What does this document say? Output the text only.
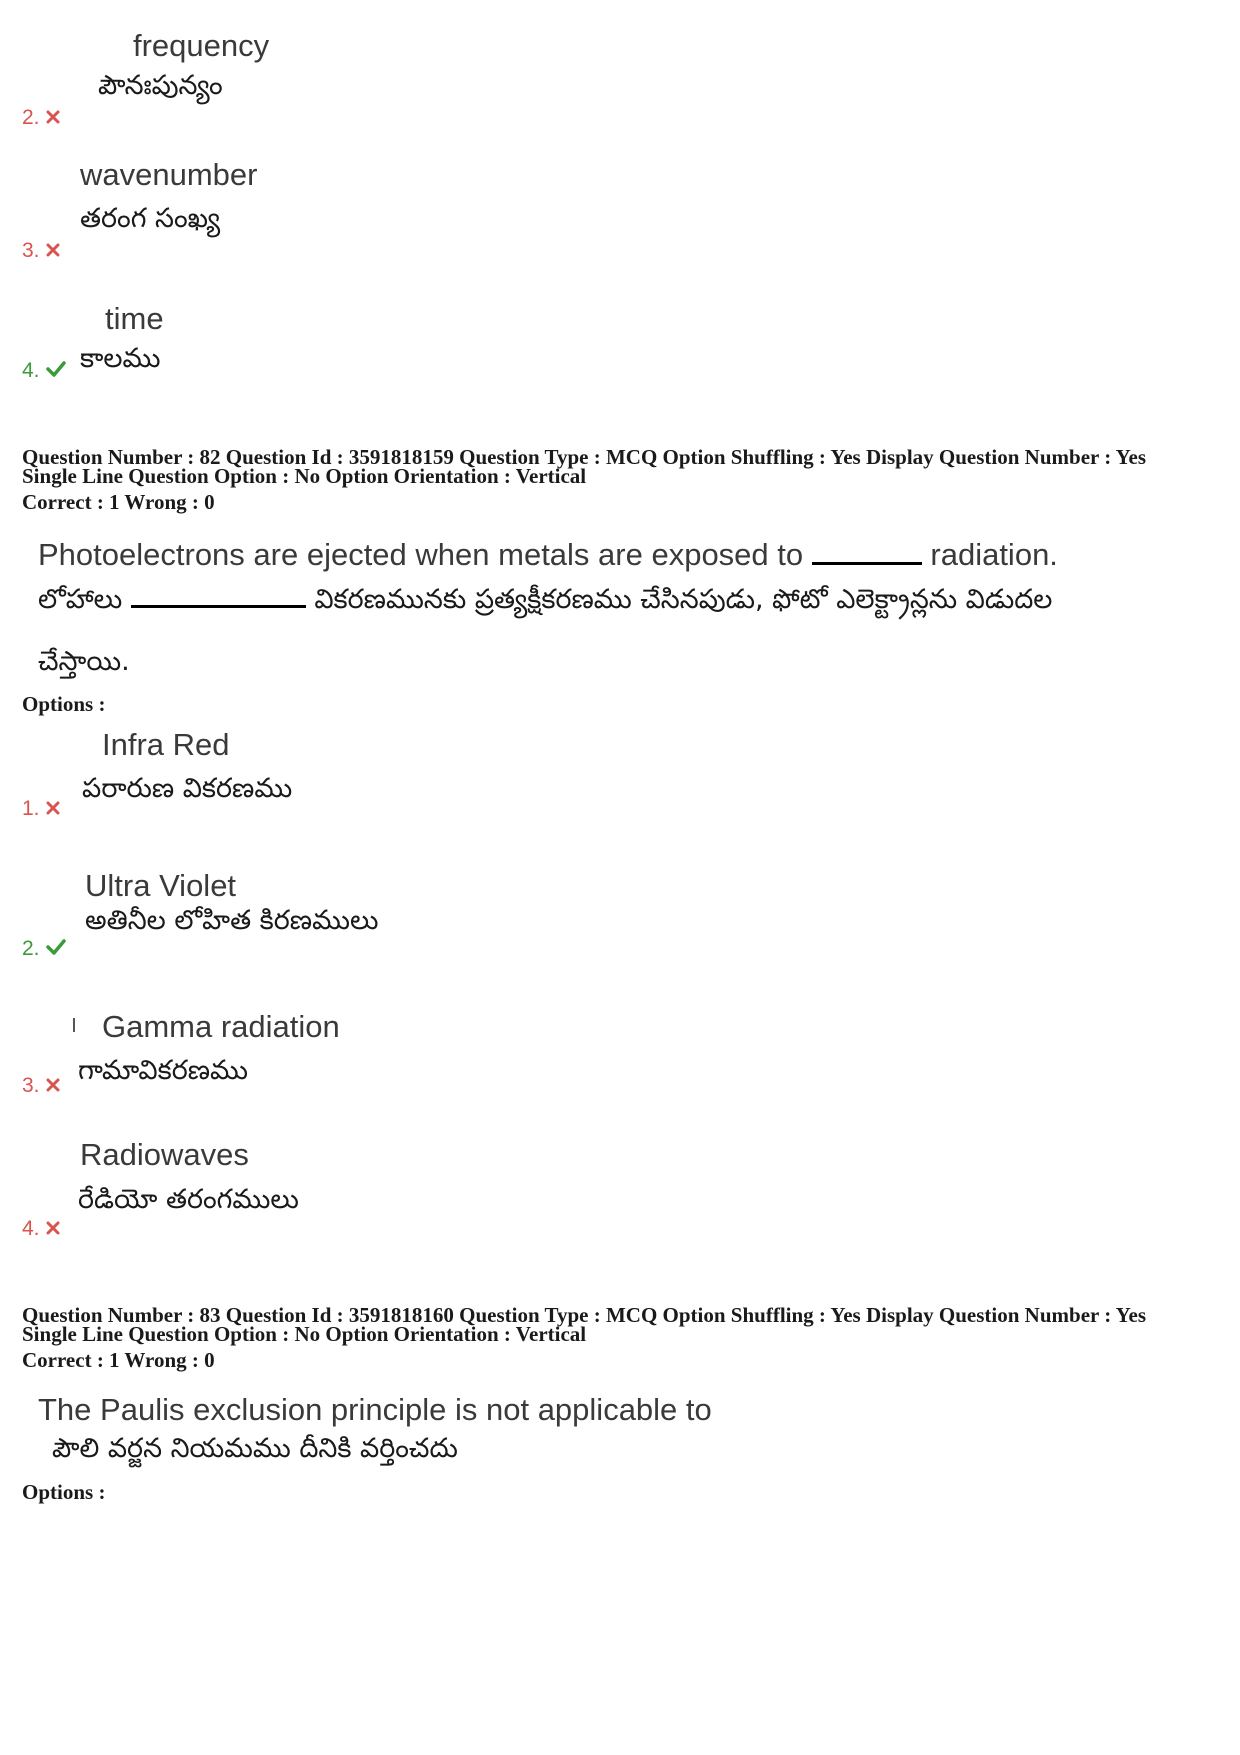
frequency
పౌనఃపున్యం
2.
wavenumber
తరంగ సంఖ్య
3.
time
కాలము
4.
Question Number : 82 Question Id : 3591818159 Question Type : MCQ Option Shuffling : Yes Display Question Number : Yes
Single Line Question Option : No Option Orientation : Vertical
Correct : 1 Wrong : 0
Photoelectrons are ejected when metals are exposed to	radiation.
లోహాలు	వికరణమునకు ప్రత్యక్షీకరణము చేసినపుడు, ఫోటో ఎలెక్ట్రాన్లను విడుదల
చేస్తాయి.
Options :
Infra Red
పరారుణ వికరణము
1.
Ultra Violet
అతినీల లోహిత కిరణములు
2.
Gamma radiation
గామావికరణము
3.
Radiowaves
రేడియో తరంగములు
4.
Question Number : 83 Question Id : 3591818160 Question Type : MCQ Option Shuffling : Yes Display Question Number : Yes
Single Line Question Option : No Option Orientation : Vertical
Correct : 1 Wrong : 0
The Paulis exclusion principle is not applicable to
పౌలి వర్జన నియమము దీనికి వర్తించదు
Options :
